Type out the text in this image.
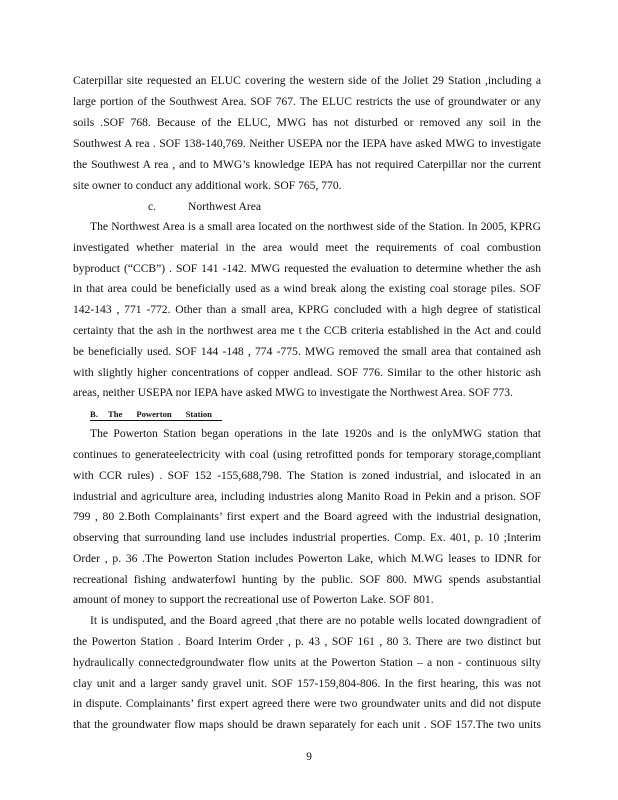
Caterpillar site requested an ELUC covering the western side of the Joliet 29 Station ,including a
large portion of the Southwest Area. SOF 767. The ELUC restricts the use of groundwater or any
soils .SOF 768. Because of the ELUC, MWG has not disturbed or removed any soil in the
Southwest A rea . SOF 138-140,769. Neither USEPA nor the IEPA have asked MWG to investigate
the Southwest A rea , and to MWG’s knowledge IEPA has not required Caterpillar nor the current
site owner to conduct any additional work. SOF 765, 770.
c.	Northwest Area
The Northwest Area is a small area located on the northwest side of the Station. In 2005, KPRG
investigated whether material in the area would meet the requirements of coal combustion
byproduct (“CCB”) . SOF 141 -142. MWG requested the evaluation to determine whether the ash
in that area could be beneficially used as a wind break along the existing coal storage piles. SOF
142-143 , 771 -772. Other than a small area, KPRG concluded with a high degree of statistical
certainty that the ash in the northwest area me t the CCB criteria established in the Act and could
be beneficially used. SOF 144 -148 , 774 -775. MWG removed the small area that contained ash
with slightly higher concentrations of copper andlead. SOF 776. Similar to the other historic ash
areas, neither USEPA nor IEPA have asked MWG to investigate the Northwest Area. SOF 773.
B. The Powerton Station
The Powerton Station began operations in the late 1920s and is the onlyMWG station that
continues to generateelectricity with coal (using retrofitted ponds for temporary storage,compliant
with CCR rules) . SOF 152 -155,688,798. The Station is zoned industrial, and islocated in an
industrial and agriculture area, including industries along Manito Road in Pekin and a prison. SOF
799 , 80 2.Both Complainants’ first expert and the Board agreed with the industrial designation,
observing that surrounding land use includes industrial properties. Comp. Ex. 401, p. 10 ;Interim
Order , p. 36 .The Powerton Station includes Powerton Lake, which M.WG leases to IDNR for
recreational fishing andwaterfowl hunting by the public. SOF 800. MWG spends asubstantial
amount of money to support the recreational use of Powerton Lake. SOF 801.
It is undisputed, and the Board agreed ,that there are no potable wells located downgradient of
the Powerton Station . Board Interim Order , p. 43 , SOF 161 , 80 3. There are two distinct but
hydraulically connectedgroundwater flow units at the Powerton Station – a non - continuous silty
clay unit and a larger sandy gravel unit. SOF 157-159,804-806. In the first hearing, this was not
in dispute. Complainants’ first expert agreed there were two groundwater units and did not dispute
that the groundwater flow maps should be drawn separately for each unit . SOF 157.The two units
9
